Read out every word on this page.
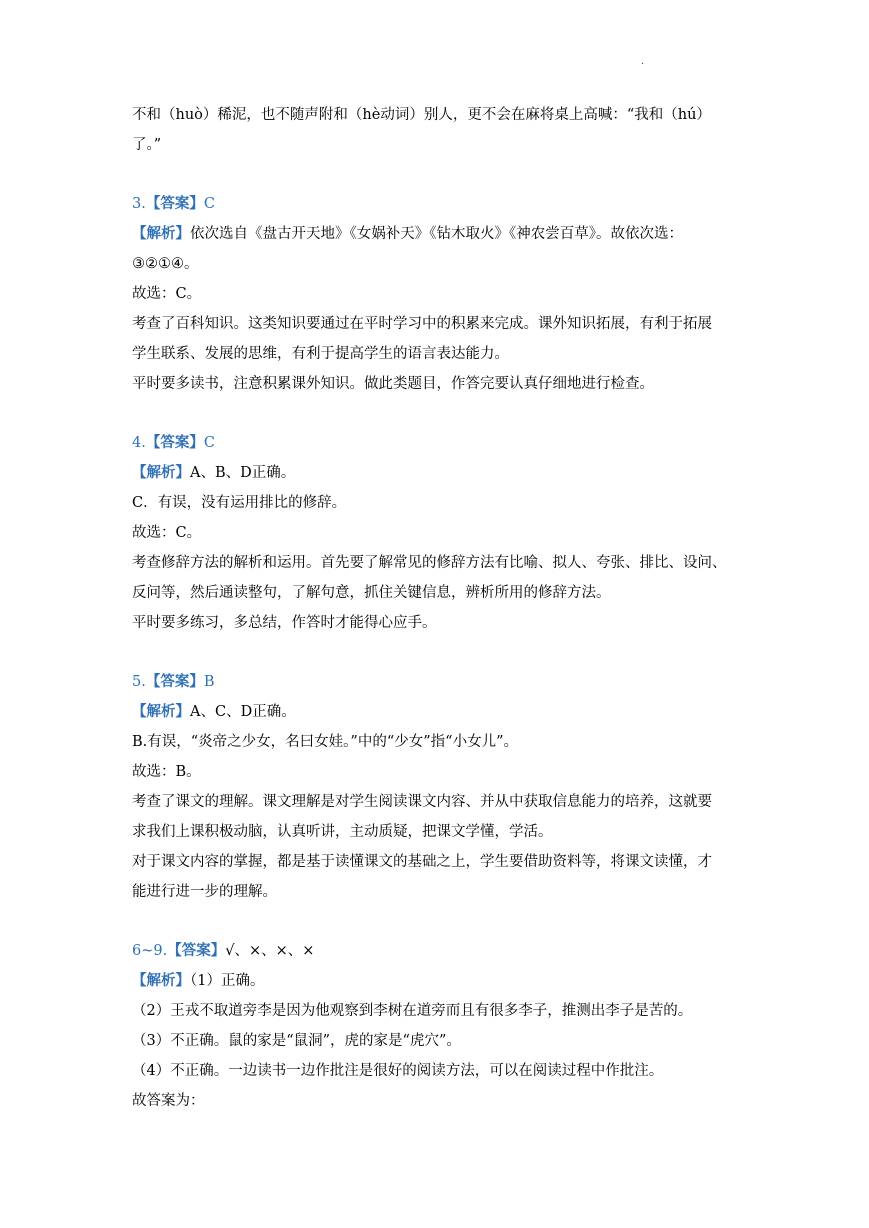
.
不和（huò）稀泥，也不随声附和（hè动词）别人，更不会在麻将桌上高喊：“我和（hú）
了。”
3.【答案】C
【解析】依次选自《盘古开天地》《女娲补天》《钻木取火》《神农尝百草》。故依次选：
③②①④。
故选：C。
考查了百科知识。这类知识要通过在平时学习中的积累来完成。课外知识拓展，有利于拓展
学生联系、发展的思维，有利于提高学生的语言表达能力。
平时要多读书，注意积累课外知识。做此类题目，作答完要认真仔细地进行检查。
4.【答案】C
【解析】A、B、D正确。
C．有误，没有运用排比的修辞。
故选：C。
考查修辞方法的解析和运用。首先要了解常见的修辞方法有比喻、拟人、夸张、排比、设问、
反问等，然后通读整句，了解句意，抓住关键信息，辨析所用的修辞方法。
平时要多练习，多总结，作答时才能得心应手。
5.【答案】B
【解析】A、C、D正确。
B.有误，“炎帝之少女，名曰女娃。”中的“少女”指“小女儿”。
故选：B。
考查了课文的理解。课文理解是对学生阅读课文内容、并从中获取信息能力的培养，这就要
求我们上课积极动脑，认真听讲，主动质疑，把课文学懂，学活。
对于课文内容的掌握，都是基于读懂课文的基础之上，学生要借助资料等，将课文读懂，才
能进行进一步的理解。
6~9.【答案】√、×、×、×
【解析】（1）正确。
（2）王戎不取道旁李是因为他观察到李树在道旁而且有很多李子，推测出李子是苦的。
（3）不正确。鼠的家是“鼠洞”，虎的家是“虎穴”。
（4）不正确。一边读书一边作批注是很好的阅读方法，可以在阅读过程中作批注。
故答案为：
